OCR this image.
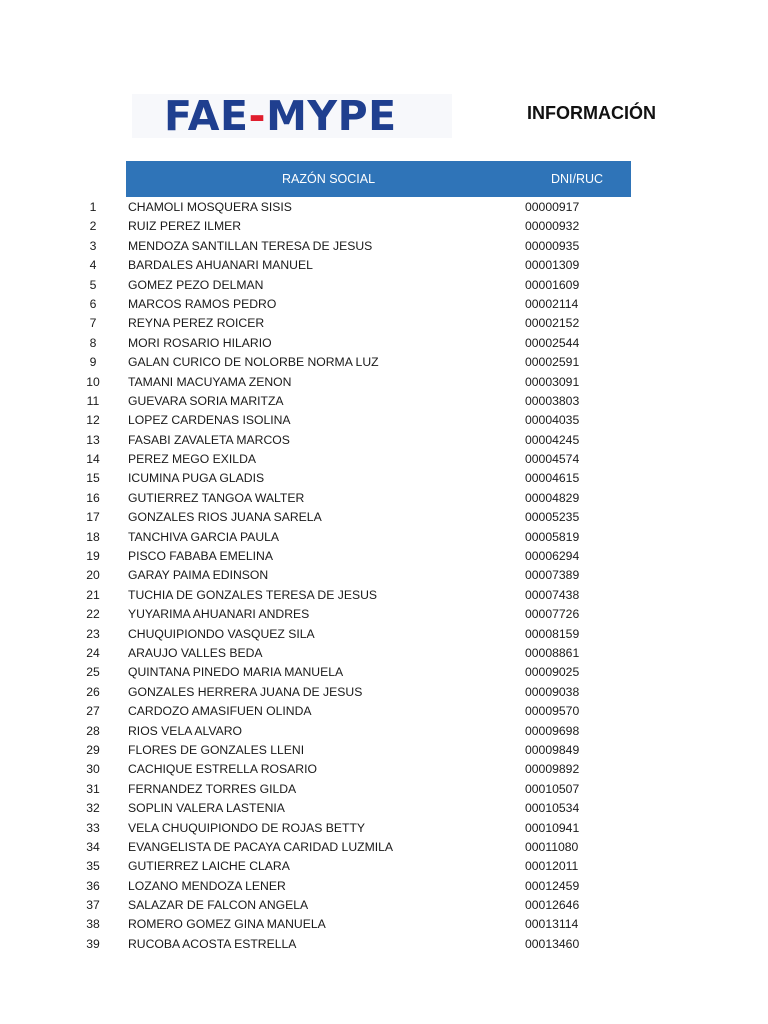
FAE-MYPE	INFORMACIÓN
RAZÓN SOCIAL	DNI/RUC
1	CHAMOLI MOSQUERA SISIS	00000917
2	RUIZ PEREZ ILMER	00000932
3	MENDOZA SANTILLAN TERESA DE JESUS	00000935
4	BARDALES AHUANARI MANUEL	00001309
5	GOMEZ PEZO DELMAN	00001609
6	MARCOS RAMOS PEDRO	00002114
7	REYNA PEREZ ROICER	00002152
8	MORI ROSARIO HILARIO	00002544
9	GALAN CURICO DE NOLORBE NORMA LUZ	00002591
10 TAMANI MACUYAMA ZENON	00003091
11 GUEVARA SORIA MARITZA	00003803
12 LOPEZ CARDENAS ISOLINA	00004035
13 FASABI ZAVALETA MARCOS	00004245
14 PEREZ MEGO EXILDA	00004574
15 ICUMINA PUGA GLADIS	00004615
16 GUTIERREZ TANGOA WALTER	00004829
17 GONZALES RIOS JUANA SARELA	00005235
18 TANCHIVA GARCIA PAULA	00005819
19 PISCO FABABA EMELINA	00006294
20 GARAY PAIMA EDINSON	00007389
21 TUCHIA DE GONZALES TERESA DE JESUS	00007438
22 YUYARIMA AHUANARI ANDRES	00007726
23 CHUQUIPIONDO VASQUEZ SILA	00008159
24 ARAUJO VALLES BEDA	00008861
25 QUINTANA PINEDO MARIA MANUELA	00009025
26 GONZALES HERRERA JUANA DE JESUS	00009038
27 CARDOZO AMASIFUEN OLINDA	00009570
28 RIOS VELA ALVARO	00009698
29 FLORES DE GONZALES LLENI	00009849
30 CACHIQUE ESTRELLA ROSARIO	00009892
31 FERNANDEZ TORRES GILDA	00010507
32 SOPLIN VALERA LASTENIA	00010534
33 VELA CHUQUIPIONDO DE ROJAS BETTY	00010941
34 EVANGELISTA DE PACAYA CARIDAD LUZMILA	00011080
35 GUTIERREZ LAICHE CLARA	00012011
36 LOZANO MENDOZA LENER	00012459
37 SALAZAR DE FALCON ANGELA	00012646
38 ROMERO GOMEZ GINA MANUELA	00013114
39 RUCOBA ACOSTA ESTRELLA	00013460
